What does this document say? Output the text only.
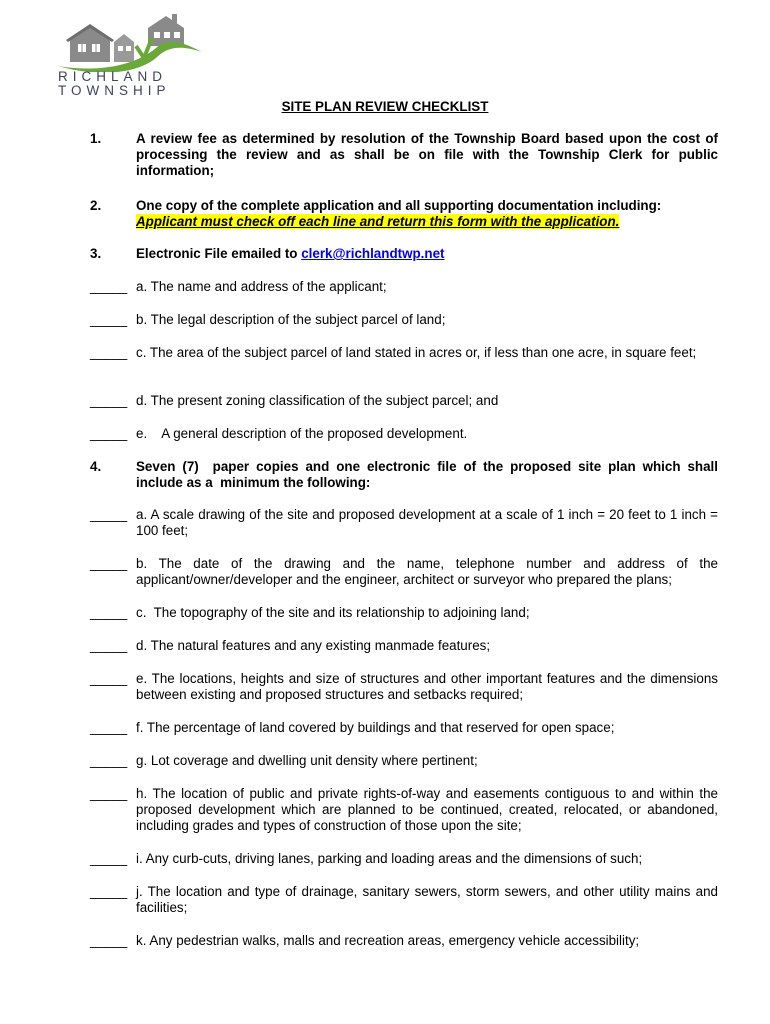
RICHLAND
TOWNSHIP
SITE PLAN REVIEW CHECKLIST
1.	A review fee as determined by resolution of the Township Board based upon the cost of processing the review and as shall be on file with the Township Clerk for public information;
2.	One copy of the complete application and all supporting documentation including:
Applicant must check off each line and return this form with the application.
3.	Electronic File emailed to clerk@richlandtwp.net
_____ a. The name and address of the applicant;
_____ b. The legal description of the subject parcel of land;
_____ c. The area of the subject parcel of land stated in acres or, if less than one acre, in square feet;
_____ d. The present zoning classification of the subject parcel; and
_____ e.    A general description of the proposed development.
4.	Seven (7)  paper copies and one electronic file of the proposed site plan which shall include as a  minimum the following:
_____ a. A scale drawing of the site and proposed development at a scale of 1 inch = 20 feet to 1 inch = 100 feet;
_____ b. The date of the drawing and the name, telephone number and address of the applicant/owner/developer and the engineer, architect or surveyor who prepared the plans;
_____ c.  The topography of the site and its relationship to adjoining land;
_____ d. The natural features and any existing manmade features;
_____ e. The locations, heights and size of structures and other important features and the dimensions between existing and proposed structures and setbacks required;
_____ f. The percentage of land covered by buildings and that reserved for open space;
_____ g. Lot coverage and dwelling unit density where pertinent;
_____ h. The location of public and private rights-of-way and easements contiguous to and within the proposed development which are planned to be continued, created, relocated, or abandoned, including grades and types of construction of those upon the site;
_____ i. Any curb-cuts, driving lanes, parking and loading areas and the dimensions of such;
_____ j. The location and type of drainage, sanitary sewers, storm sewers, and other utility mains and facilities;
_____ k. Any pedestrian walks, malls and recreation areas, emergency vehicle accessibility;
